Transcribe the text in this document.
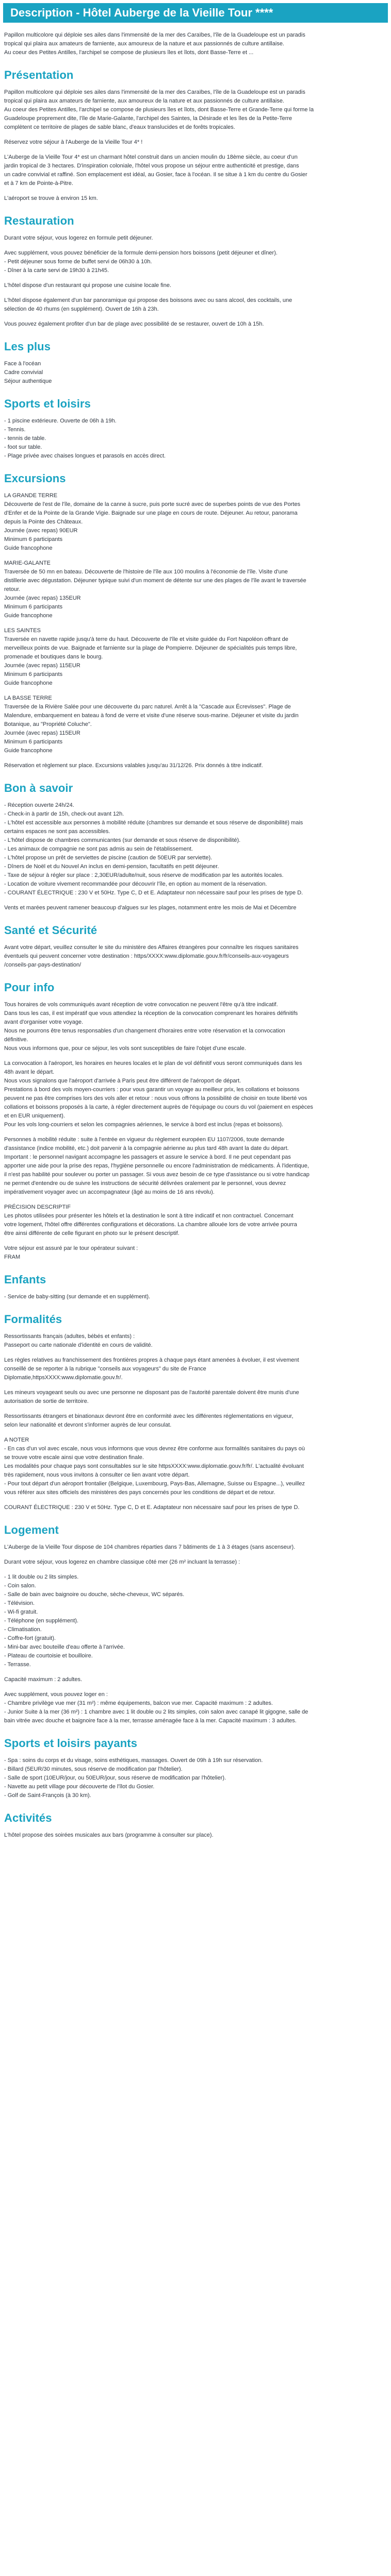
Description - Hôtel Auberge de la Vieille Tour ****

Papillon multicolore qui déploie ses ailes dans l'immensité de la mer des Caraïbes, l'île de la Guadeloupe est un paradis

tropical qui plaira aux amateurs de farniente, aux amoureux de la nature et aux passionnés de culture antillaise.

Au coeur des Petites Antilles, l'archipel se compose de plusieurs îles et îlots, dont Basse-Terre et ...

Présentation

Papillon multicolore qui déploie ses ailes dans l'immensité de la mer des Caraïbes, l'île de la Guadeloupe est un paradis

tropical qui plaira aux amateurs de farniente, aux amoureux de la nature et aux passionnés de culture antillaise.

Au coeur des Petites Antilles, l'archipel se compose de plusieurs îles et îlots, dont Basse-Terre et Grande-Terre qui forme la

Guadeloupe proprement dite, l'île de Marie-Galante, l'archipel des Saintes, la Désirade et les îles de la Petite-Terre

complètent ce territoire de plages de sable blanc, d'eaux translucides et de forêts tropicales.

Réservez votre séjour à l'Auberge de la Vieille Tour 4* !

L'Auberge de la Vieille Tour 4* est un charmant hôtel construit dans un ancien moulin du 18ème siècle, au coeur d'un

jardin tropical de 3 hectares. D'inspiration coloniale, l'hôtel vous propose un séjour entre authenticité et prestige, dans

un cadre convivial et raffiné. Son emplacement est idéal, au Gosier, face à l'océan. Il se situe à 1 km du centre du Gosier

et à 7 km de Pointe-à-Pitre.

L'aéroport se trouve à environ 15 km.

Restauration

Durant votre séjour, vous logerez en formule petit déjeuner.

Avec supplément, vous pouvez bénéficier de la formule demi-pension hors boissons (petit déjeuner et dîner).

- Petit déjeuner sous forme de buffet servi de 06h30 à 10h.

- Dîner à la carte servi de 19h30 à 21h45.

L'hôtel dispose d'un restaurant qui propose une cuisine locale fine.

L'hôtel dispose également d'un bar panoramique qui propose des boissons avec ou sans alcool, des cocktails, une

sélection de 40 rhums (en supplément). Ouvert de 16h à 23h.

Vous pouvez également profiter d'un bar de plage avec possibilité de se restaurer, ouvert de 10h à 15h.

Les plus

Face à l'océan

Cadre convivial

Séjour authentique

Sports et loisirs

- 1 piscine extérieure. Ouverte de 06h à 19h.

- Tennis.

- tennis de table.

- foot sur table.

- Plage privée avec chaises longues et parasols en accès direct.

Excursions

LA GRANDE TERRE

Découverte de l'est de l'île, domaine de la canne à sucre, puis porte sucré avec de superbes points de vue des Portes

d'Enfer et de la Pointe de la Grande Vigie. Baignade sur une plage en cours de route. Déjeuner. Au retour, panorama

depuis la Pointe des Châteaux.

Journée (avec repas) 90EUR

Minimum 6 participants

Guide francophone

MARIE-GALANTE

Traversée de 50 mn en bateau. Découverte de l'histoire de l'île aux 100 moulins à l'économie de l'île. Visite d'une

distillerie avec dégustation. Déjeuner typique suivi d'un moment de détente sur une des plages de l'île avant le traversée

retour.

Journée (avec repas) 135EUR

Minimum 6 participants

Guide francophone

LES SAINTES

Traversée en navette rapide jusqu'à terre du haut. Découverte de l'île et visite guidée du Fort Napoléon offrant de

merveilleux points de vue. Baignade et farniente sur la plage de Pompierre. Déjeuner de spécialités puis temps libre,

promenade et boutiques dans le bourg.

Journée (avec repas) 115EUR

Minimum 6 participants

Guide francophone

LA BASSE TERRE

Traversée de la Rivière Salée pour une découverte du parc naturel. Arrêt à la "Cascade aux Écrevisses". Plage de

Malendure, embarquement en bateau à fond de verre et visite d'une réserve sous-marine. Déjeuner et visite du jardin

Botanique, au "Propriété Coluche".

Journée (avec repas) 115EUR

Minimum 6 participants

Guide francophone

Réservation et règlement sur place. Excursions valables jusqu'au 31/12/26. Prix donnés à titre indicatif.

Bon à savoir

- Réception ouverte 24h/24.

- Check-in à partir de 15h, check-out avant 12h.

- L'hôtel est accessible aux personnes à mobilité réduite (chambres sur demande et sous réserve de disponibilité) mais

certains espaces ne sont pas accessibles.

- L'hôtel dispose de chambres communicantes (sur demande et sous réserve de disponibilité).

- Les animaux de compagnie ne sont pas admis au sein de l'établissement.

- L'hôtel propose un prêt de serviettes de piscine (caution de 50EUR par serviette).

- Dîners de Noël et du Nouvel An inclus en demi-pension, facultatifs en petit déjeuner.

- Taxe de séjour à régler sur place : 2,30EUR/adulte/nuit, sous réserve de modification par les autorités locales.

- Location de voiture vivement recommandée pour découvrir l'île, en option au moment de la réservation.

- COURANT ÉLECTRIQUE : 230 V et 50Hz. Type C, D et E. Adaptateur non nécessaire sauf pour les prises de type D.

Vents et marées peuvent ramener beaucoup d'algues sur les plages, notamment entre les mois de Mai et Décembre

Santé et Sécurité

Avant votre départ, veuillez consulter le site du ministère des Affaires étrangères pour connaître les risques sanitaires

éventuels qui peuvent concerner votre destination : https/XXXX:www.diplomatie.gouv.fr/fr/conseils-aux-voyageurs

/conseils-par-pays-destination/

Pour info

Tous horaires de vols communiqués avant réception de votre convocation ne peuvent l'être qu'à titre indicatif.

Dans tous les cas, il est impératif que vous attendiez la réception de la convocation comprenant les horaires définitifs

avant d'organiser votre voyage.

Nous ne pourrons être tenus responsables d'un changement d'horaires entre votre réservation et la convocation

définitive.

Nous vous informons que, pour ce séjour, les vols sont susceptibles de faire l'objet d'une escale.

La convocation à l'aéroport, les horaires en heures locales et le plan de vol définitif vous seront communiqués dans les

48h avant le départ.

Nous vous signalons que l'aéroport d'arrivée à Paris peut être différent de l'aéroport de départ.

Prestations à bord des vols moyen-courriers : pour vous garantir un voyage au meilleur prix, les collations et boissons

peuvent ne pas être comprises lors des vols aller et retour : nous vous offrons la possibilité de choisir en toute liberté vos

collations et boissons proposés à la carte, à régler directement auprès de l'équipage ou cours du vol (paiement en espèces

et en EUR uniquement).

Pour les vols long-courriers et selon les compagnies aériennes, le service à bord est inclus (repas et boissons).

Personnes à mobilité réduite : suite à l'entrée en vigueur du règlement européen EU 1107/2006, toute demande

d'assistance (indice mobilité, etc.) doit parvenir à la compagnie aérienne au plus tard 48h avant la date du départ.

Important : le personnel navigant accompagne les passagers et assure le service à bord. Il ne peut cependant pas

apporter une aide pour la prise des repas, l'hygiène personnelle ou encore l'administration de médicaments. À l'identique,

il n'est pas habilité pour soulever ou porter un passager. Si vous avez besoin de ce type d'assistance ou si votre handicap

ne permet d'entendre ou de suivre les instructions de sécurité délivrées oralement par le personnel, vous devrez

impérativement voyager avec un accompagnateur (âgé au moins de 16 ans révolu).

PRÉCISION DESCRIPTIF

Les photos utilisées pour présenter les hôtels et la destination le sont à titre indicatif et non contractuel. Concernant

votre logement, l'hôtel offre différentes configurations et décorations. La chambre allouée lors de votre arrivée pourra

être ainsi différente de celle figurant en photo sur le présent descriptif.

Votre séjour est assuré par le tour opérateur suivant :

FRAM

Enfants

- Service de baby-sitting (sur demande et en supplément).

Formalités

Ressortissants français (adultes, bébés et enfants) :

Passeport ou carte nationale d'identité en cours de validité.

Les règles relatives au franchissement des frontières propres à chaque pays étant amenées à évoluer, il est vivement

conseillé de se reporter à la rubrique "conseils aux voyageurs" du site de France

Diplomatie,httpsXXXX:www.diplomatie.gouv.fr/.

Les mineurs voyageant seuls ou avec une personne ne disposant pas de l'autorité parentale doivent être munis d'une

autorisation de sortie de territoire.

Ressortissants étrangers et binationaux devront être en conformité avec les différentes réglementations en vigueur,

selon leur nationalité et devront s'informer auprès de leur consulat.

A NOTER

- En cas d'un vol avec escale, nous vous informons que vous devrez être conforme aux formalités sanitaires du pays où

se trouve votre escale ainsi que votre destination finale.

Les modalités pour chaque pays sont consultables sur le site httpsXXXX:www.diplomatie.gouv.fr/fr/. L'actualité évoluant

très rapidement, nous vous invitons à consulter ce lien avant votre départ.

- Pour tout départ d'un aéroport frontalier (Belgique, Luxembourg, Pays-Bas, Allemagne, Suisse ou Espagne...), veuillez

vous référer aux sites officiels des ministères des pays concernés pour les conditions de départ et de retour.

COURANT ÉLECTRIQUE : 230 V et 50Hz. Type C, D et E. Adaptateur non nécessaire sauf pour les prises de type D.

Logement

L'Auberge de la Vieille Tour dispose de 104 chambres réparties dans 7 bâtiments de 1 à 3 étages (sans ascenseur).

Durant votre séjour, vous logerez en chambre classique côté mer (26 m² incluant la terrasse) :

- 1 lit double ou 2 lits simples.

- Coin salon.

- Salle de bain avec baignoire ou douche, sèche-cheveux, WC séparés.

- Télévision.

- Wi-fi gratuit.

- Téléphone (en supplément).

- Climatisation.

- Coffre-fort (gratuit).

- Mini-bar avec bouteille d'eau offerte à l'arrivée.

- Plateau de courtoisie et bouilloire.

- Terrasse.

Capacité maximum : 2 adultes.

Avec supplément, vous pouvez loger en :

- Chambre privilège vue mer (31 m²) : même équipements, balcon vue mer. Capacité maximum : 2 adultes.

- Junior Suite à la mer (36 m²) : 1 chambre avec 1 lit double ou 2 lits simples, coin salon avec canapé lit gigogne, salle de

bain vitrée avec douche et baignoire face à la mer, terrasse aménagée face à la mer. Capacité maximum : 3 adultes.

Sports et loisirs payants

- Spa : soins du corps et du visage, soins esthétiques, massages. Ouvert de 09h à 19h sur réservation.

- Billard (5EUR/30 minutes, sous réserve de modification par l'hôtelier).

- Salle de sport (10EUR/jour, ou 50EUR/jour, sous réserve de modification par l'hôtelier).

- Navette au petit village pour découverte de l'îlot du Gosier.

- Golf de Saint-François (à 30 km).

Activités

L'hôtel propose des soirées musicales aux bars (programme à consulter sur place).
